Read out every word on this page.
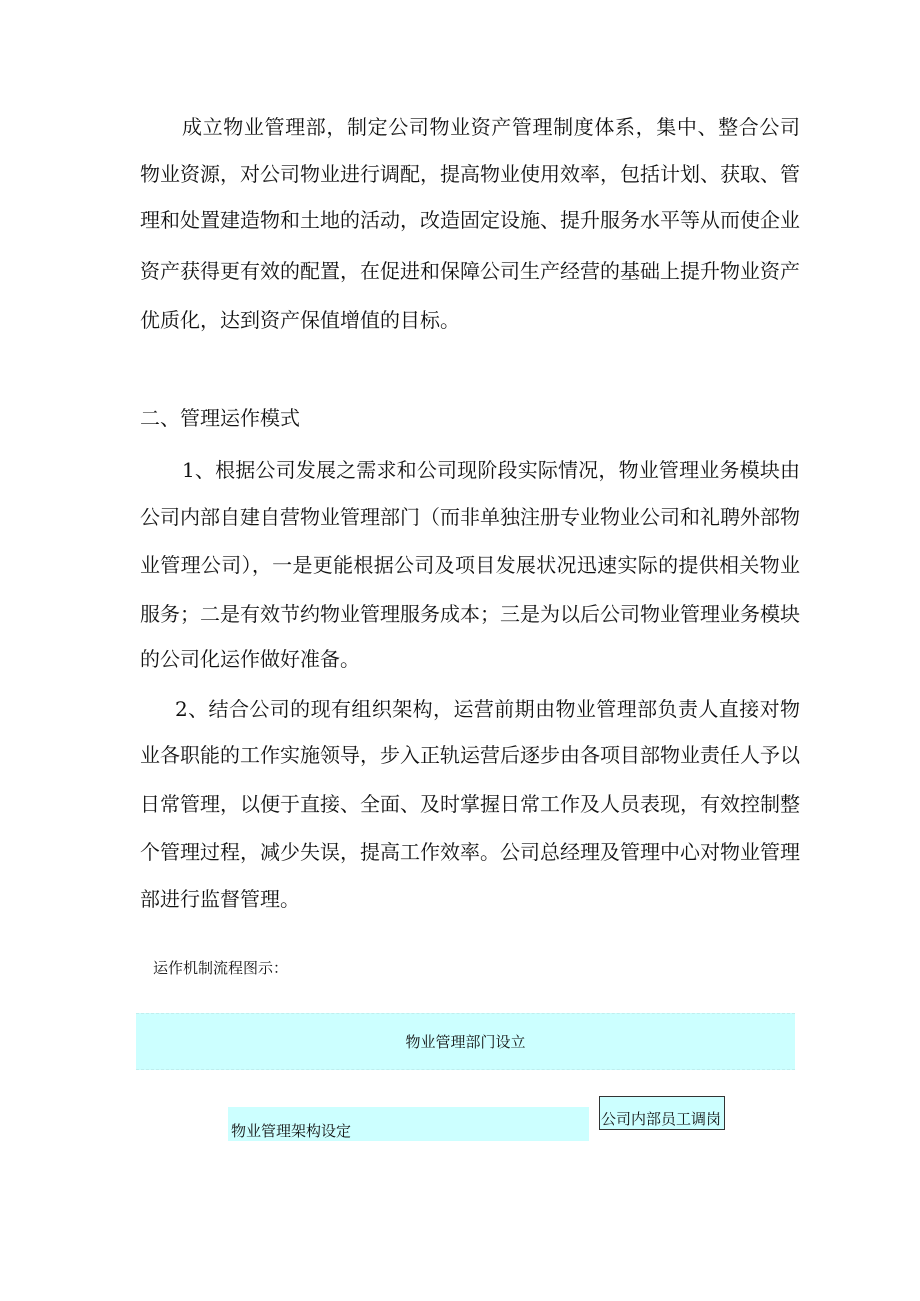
成立物业管理部，制定公司物业资产管理制度体系，集中、整合公司
物业资源，对公司物业进行调配，提高物业使用效率，包括计划、获取、管
理和处置建造物和土地的活动，改造固定设施、提升服务水平等从而使企业
资产获得更有效的配置，在促进和保障公司生产经营的基础上提升物业资产
优质化，达到资产保值增值的目标。
二、管理运作模式
1、根据公司发展之需求和公司现阶段实际情况，物业管理业务模块由
公司内部自建自营物业管理部门（而非单独注册专业物业公司和礼聘外部物
业管理公司），一是更能根据公司及项目发展状况迅速实际的提供相关物业
服务；二是有效节约物业管理服务成本；三是为以后公司物业管理业务模块
的公司化运作做好准备。
2、结合公司的现有组织架构，运营前期由物业管理部负责人直接对物
业各职能的工作实施领导，步入正轨运营后逐步由各项目部物业责任人予以
日常管理，以便于直接、全面、及时掌握日常工作及人员表现，有效控制整
个管理过程，减少失误，提高工作效率。公司总经理及管理中心对物业管理
部进行监督管理。
运作机制流程图示：
物业管理部门设立
物业管理架构设定
公司内部员工调岗
